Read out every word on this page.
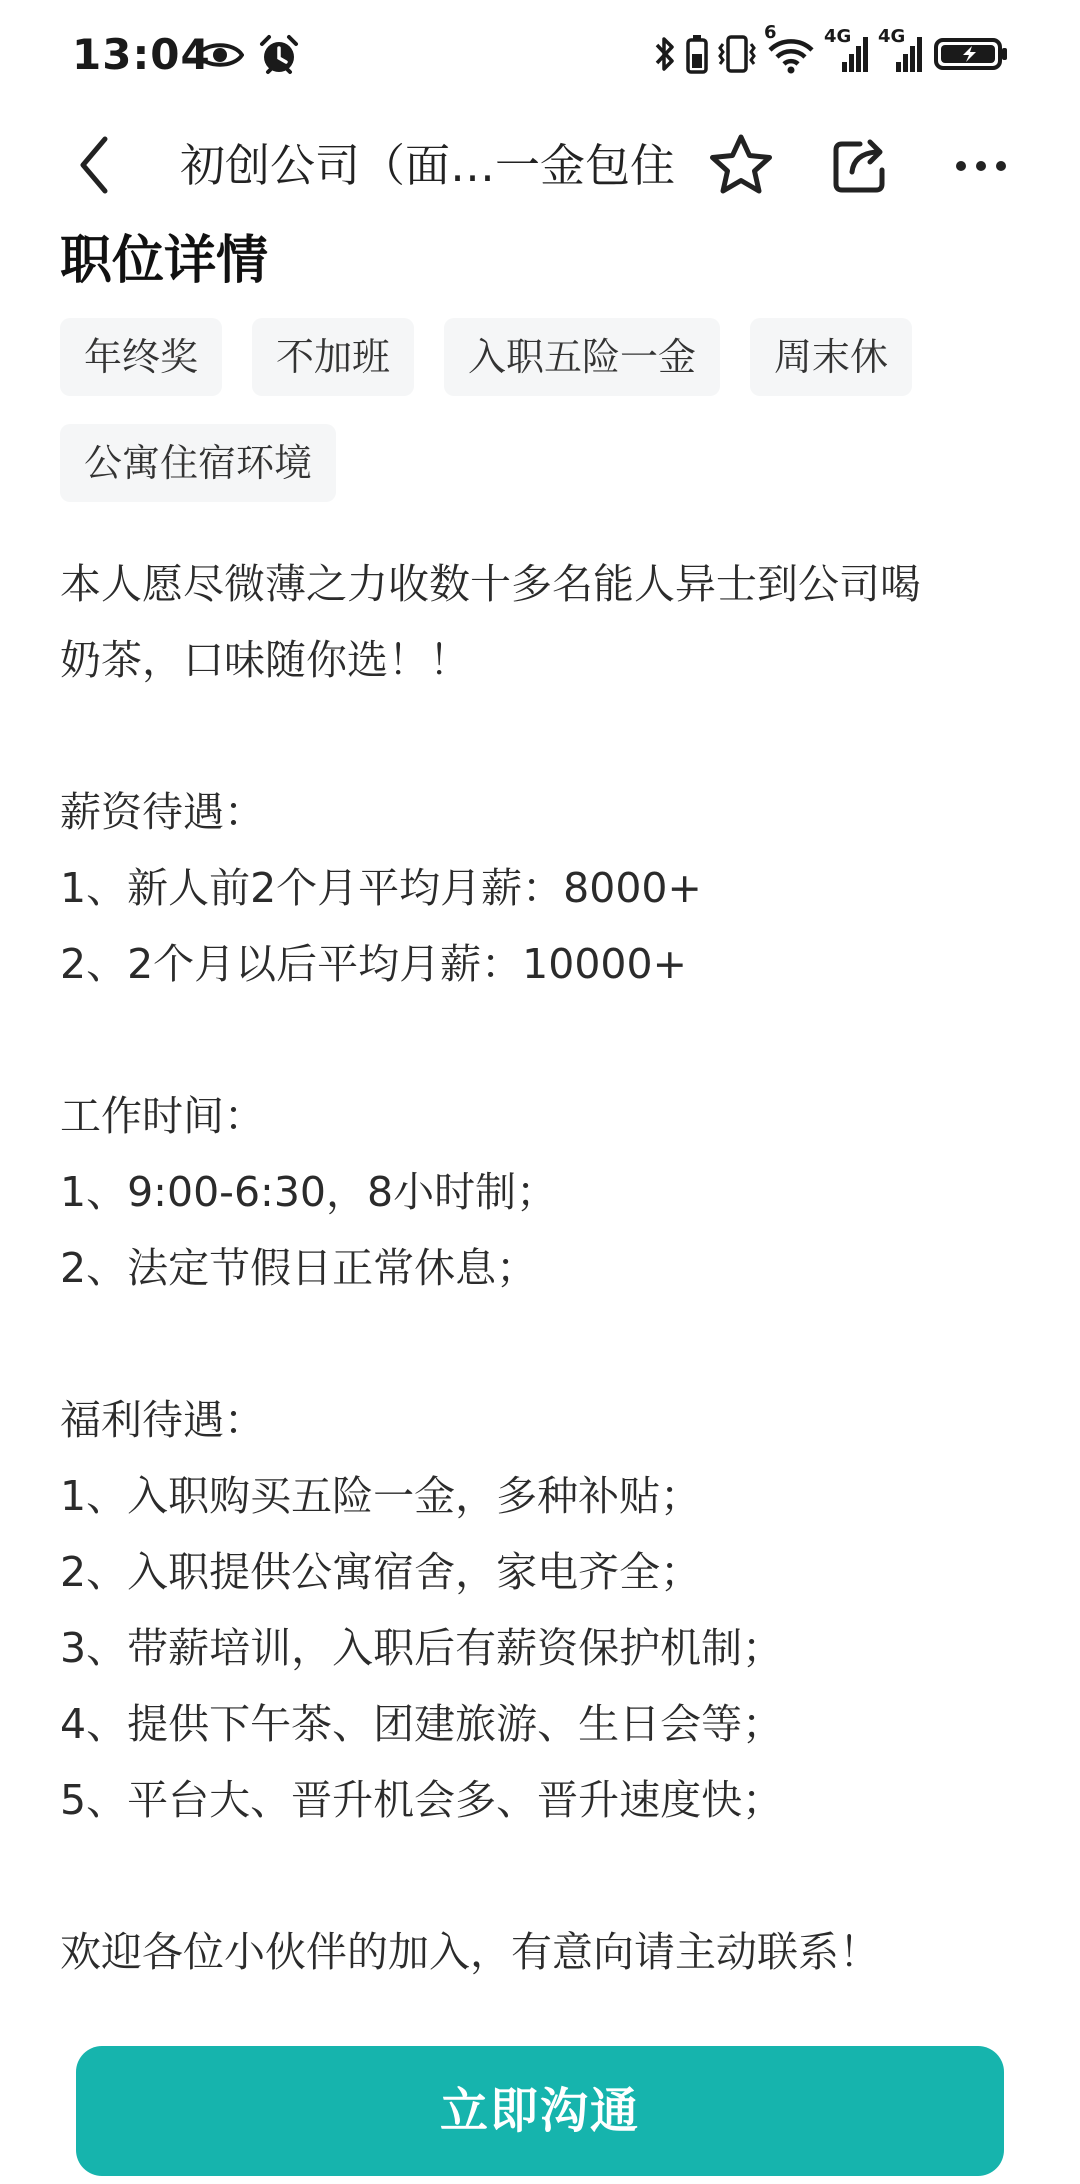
13:04	6	4G 4G
初创公司（面…一金包住
职位详情
年终奖	不加班	入职五险一金	周末休
公寓住宿环境
本人愿尽微薄之力收数十多名能人异士到公司喝
奶茶，口味随你选！！
薪资待遇：
1、新人前2个月平均月薪：8000+
2、2个月以后平均月薪：10000+
工作时间：
1、9:00-6:30，8小时制；
2、法定节假日正常休息；
福利待遇：
1、入职购买五险一金，多种补贴；
2、入职提供公寓宿舍，家电齐全；
3、带薪培训，入职后有薪资保护机制；
4、提供下午茶、团建旅游、生日会等；
5、平台大、晋升机会多、晋升速度快；
欢迎各位小伙伴的加入，有意向请主动联系！
立即沟通
